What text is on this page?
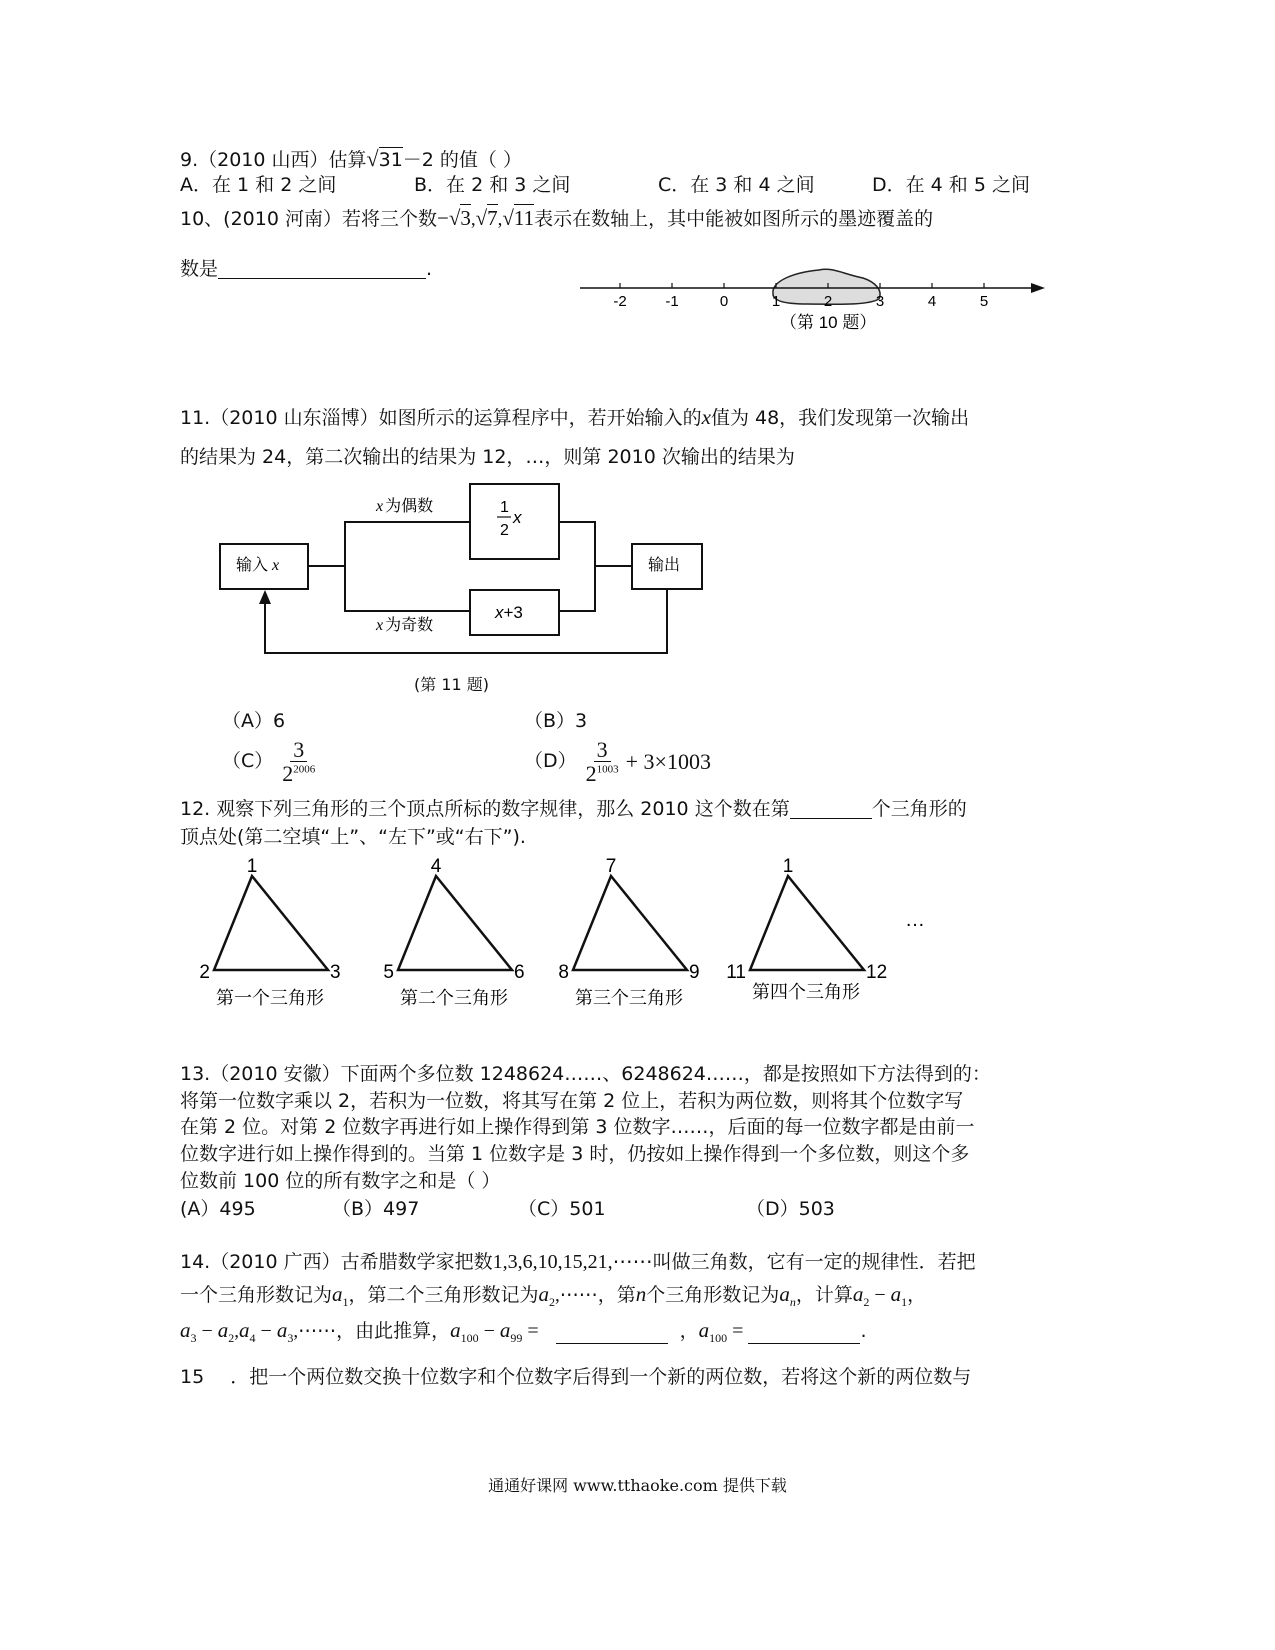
9.（2010 山西）估算√31－2 的值（ ）
A．在 1 和 2 之间	B．在 2 和 3 之间	C．在 3 和 4 之间	D．在 4 和 5 之间
10、(2010 河南）若将三个数−√3,√7,√11表示在数轴上，其中能被如图所示的墨迹覆盖的
数是	.
-2	-1	0	1	2	3	4	5
（第 10 题）
11.（2010 山东淄博）如图所示的运算程序中，若开始输入的x值为 48，我们发现第一次输出
的结果为 24，第二次输出的结果为 12，…，则第 2010 次输出的结果为
输入 x
x 为偶数
x 为奇数
1
2
x
x+3
输出
(第 11 题)
（A）6	（B）3
$(C) \frac{3}{2^{2006}}$	$(D) \frac{3}{2^{1003}} + 3\times 1003$
12. 观察下列三角形的三个顶点所标的数字规律，那么 2010 这个数在第	个三角形的
顶点处(第二空填“上”、“左下”或“右下”).
1
2	3
第一个三角形
4
5	6
第二个三角形
7
8	9
第三个三角形
1
11	12
第四个三角形
…
13.（2010 安徽）下面两个多位数 1248624……、6248624……，都是按照如下方法得到的：
将第一位数字乘以 2，若积为一位数，将其写在第 2 位上，若积为两位数，则将其个位数字写
在第 2 位。对第 2 位数字再进行如上操作得到第 3 位数字……，后面的每一位数字都是由前一
位数字进行如上操作得到的。当第 1 位数字是 3 时，仍按如上操作得到一个多位数，则这个多
位数前 100 位的所有数字之和是（ ）
(A）495	（B）497	（C）501	（D）503
14.（2010 广西）古希腊数学家把数1,3,6,10,15,21,⋯⋯叫做三角数，它有一定的规律性．若把
一个三角形数记为$a_1$，第二个三角形数记为$a_2,\cdots\cdots$，第n个三角形数记为$a_n$，计算$a_2 - a_1$，
$a_3 - a_2,a_4$ − $a_3,\cdots\cdots$，由此推算，$a_{100} - a_{99}$ =	，$a_{100}$ =	.
15 ．把一个两位数交换十位数字和个位数字后得到一个新的两位数，若将这个新的两位数与
通通好课网 www.tthaoke.com 提供下载
